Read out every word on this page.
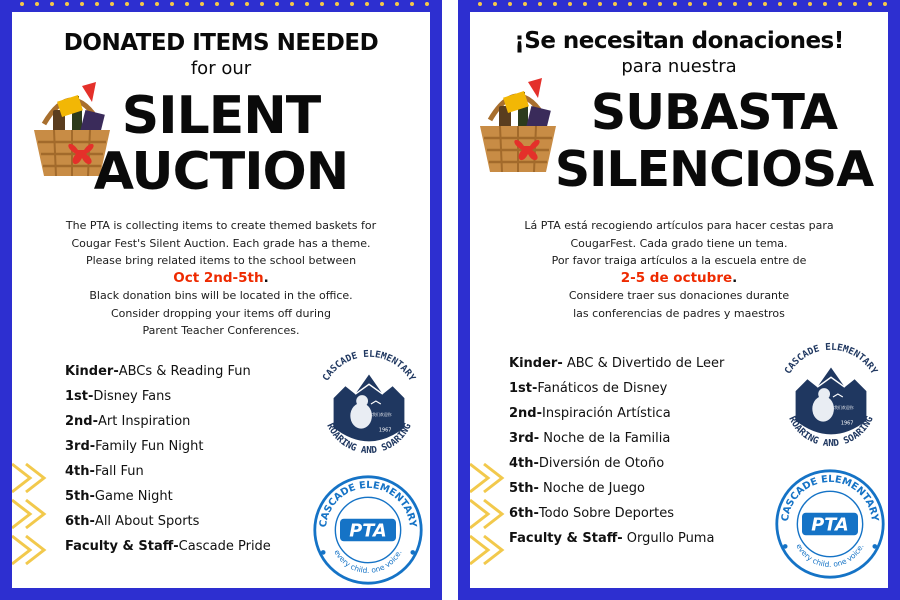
DONATED ITEMS NEEDED
for our
SILENT
AUCTION
The PTA is collecting items to create themed baskets for
Cougar Fest's Silent Auction. Each grade has a theme.
Please bring related items to the school between
Oct 2nd-5th.
Black donation bins will be located in the office.
Consider dropping your items off during
Parent Teacher Conferences.
Kinder-ABCs & Reading Fun
1st-Disney Fans
2nd-Art Inspiration
3rd-Family Fun Night
4th-Fall Fun
5th-Game Night
6th-All About Sports
Faculty & Staff-Cascade Pride
CASCADE ELEMENTARY
我们欢迎你
1967
ROARING AND SOARING
CASCADE ELEMENTARY
PTA
every child. one voice.
¡Se necesitan donaciones!
para nuestra
SUBASTA
SILENCIOSA
Lá PTA está recogiendo artículos para hacer cestas para
CougarFest. Cada grado tiene un tema.
Por favor traiga artículos a la escuela entre de
2-5 de octubre.
Considere traer sus donaciones durante
las conferencias de padres y maestros
Kinder- ABC & Divertido de Leer
1st-Fanáticos de Disney
2nd-Inspiración Artística
3rd- Noche de la Familia
4th-Diversión de Otoño
5th- Noche de Juego
6th-Todo Sobre Deportes
Faculty & Staff- Orgullo Puma
CASCADE ELEMENTARY
我们欢迎你
1967
ROARING AND SOARING
CASCADE ELEMENTARY
PTA
every child. one voice.
